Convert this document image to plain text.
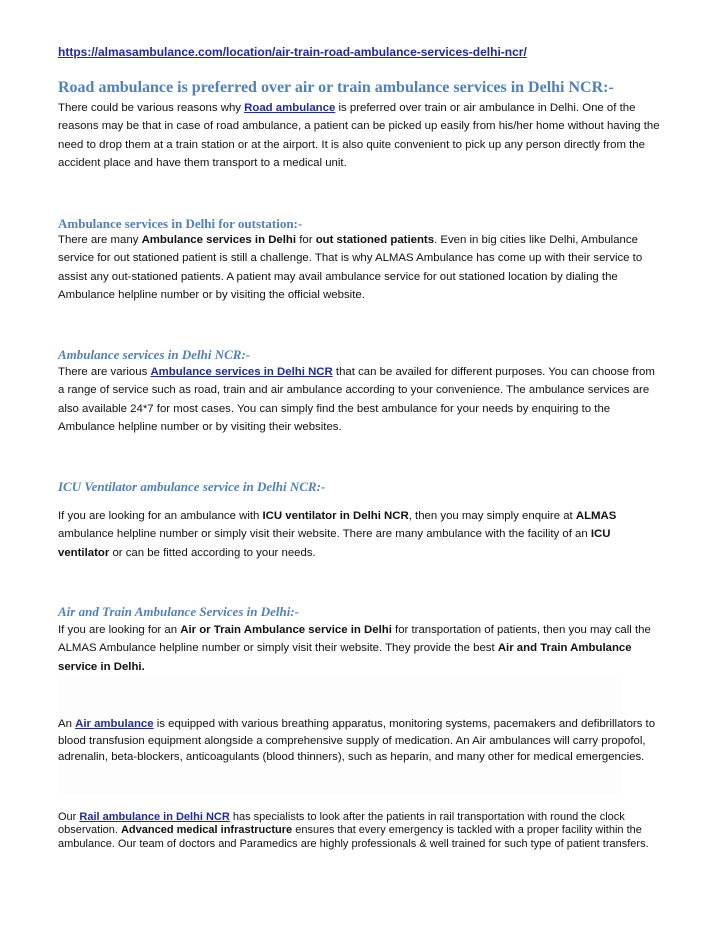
https://almasambulance.com/location/air-train-road-ambulance-services-delhi-ncr/
Road ambulance is preferred over air or train ambulance services in Delhi NCR:-
There could be various reasons why Road ambulance is preferred over train or air ambulance in Delhi. One of the reasons may be that in case of road ambulance, a patient can be picked up easily from his/her home without having the need to drop them at a train station or at the airport. It is also quite convenient to pick up any person directly from the accident place and have them transport to a medical unit.
Ambulance services in Delhi for outstation:-
There are many Ambulance services in Delhi for out stationed patients. Even in big cities like Delhi, Ambulance service for out stationed patient is still a challenge. That is why ALMAS Ambulance has come up with their service to assist any out-stationed patients. A patient may avail ambulance service for out stationed location by dialing the Ambulance helpline number or by visiting the official website.
Ambulance services in Delhi NCR:-
There are various Ambulance services in Delhi NCR that can be availed for different purposes. You can choose from a range of service such as road, train and air ambulance according to your convenience. The ambulance services are also available 24*7 for most cases. You can simply find the best ambulance for your needs by enquiring to the Ambulance helpline number or by visiting their websites.
ICU Ventilator ambulance service in Delhi NCR:-
If you are looking for an ambulance with ICU ventilator in Delhi NCR, then you may simply enquire at ALMAS ambulance helpline number or simply visit their website. There are many ambulance with the facility of an ICU ventilator or can be fitted according to your needs.
Air and Train Ambulance Services in Delhi:-
If you are looking for an Air or Train Ambulance service in Delhi for transportation of patients, then you may call the ALMAS Ambulance helpline number or simply visit their website. They provide the best Air and Train Ambulance service in Delhi.
An Air ambulance is equipped with various breathing apparatus, monitoring systems, pacemakers and defibrillators to blood transfusion equipment alongside a comprehensive supply of medication. An Air ambulances will carry propofol, adrenalin, beta-blockers, anticoagulants (blood thinners), such as heparin, and many other for medical emergencies.
Our Rail ambulance in Delhi NCR has specialists to look after the patients in rail transportation with round the clock observation. Advanced medical infrastructure ensures that every emergency is tackled with a proper facility within the ambulance. Our team of doctors and Paramedics are highly professionals & well trained for such type of patient transfers.
